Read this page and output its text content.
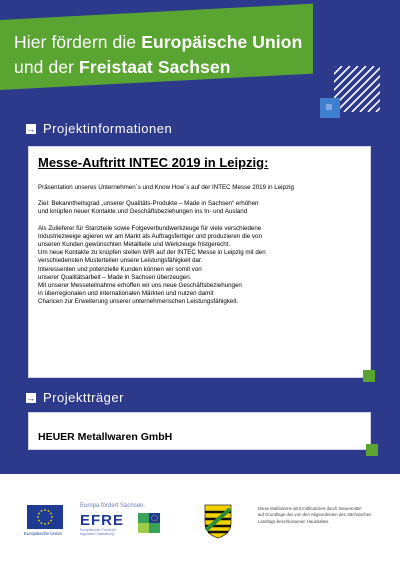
Hier fördern die Europäische Union
und der Freistaat Sachsen
→ Projektinformationen
Messe-Auftritt INTEC 2019 in Leipzig:

Präsentation unseres Unternehmen´s und Know How´s auf der INTEC Messe 2019 in Leipzig

Ziel: Bekanntheitsgrad „unserer Qualitäts-Produkte – Made in Sachsen“ erhöhen
und knüpfen neuer Kontakte und Geschäftsbeziehungen ins In- und Ausland

Als Zulieferer für Stanzteile sowie Folgeverbundwerkzeuge für viele verschiedene
Industriezweige agieren wir am Markt als Auftragsfertiger und produzieren die von
unseren Kunden gewünschten Metallteile und Werkzeuge fristgerecht.
Um neue Kontakte zu knüpfen stellen WIR auf der INTEC Messe in Leipzig mit den
verschiedensten Musterteilen unsere Leistungsfähigkeit dar.
Interessenten und potenzielle Kunden können wir somit von
unserer Qualitätsarbeit – Made in Sachsen überzeugen.
Mit unserer Messeteilnahme erhoffen wir uns neue Geschäftsbeziehungen
in überregionalen und internationalen Märkten und nutzen damit
Chancen zur Erweiterung unserer unternehmerischen Leistungsfähigkeit.

→ Projektträger
HEUER Metallwaren GmbH
Europäische Union
Europa fördert Sachsen.
EFRE
Europäischer Fonds für
regionale Entwicklung
Diese Maßnahme wird mitfinanziert durch Steuermittel
auf Grundlage des von den Abgeordneten des Sächsischen
Landtags beschlossenen Haushaltes.
